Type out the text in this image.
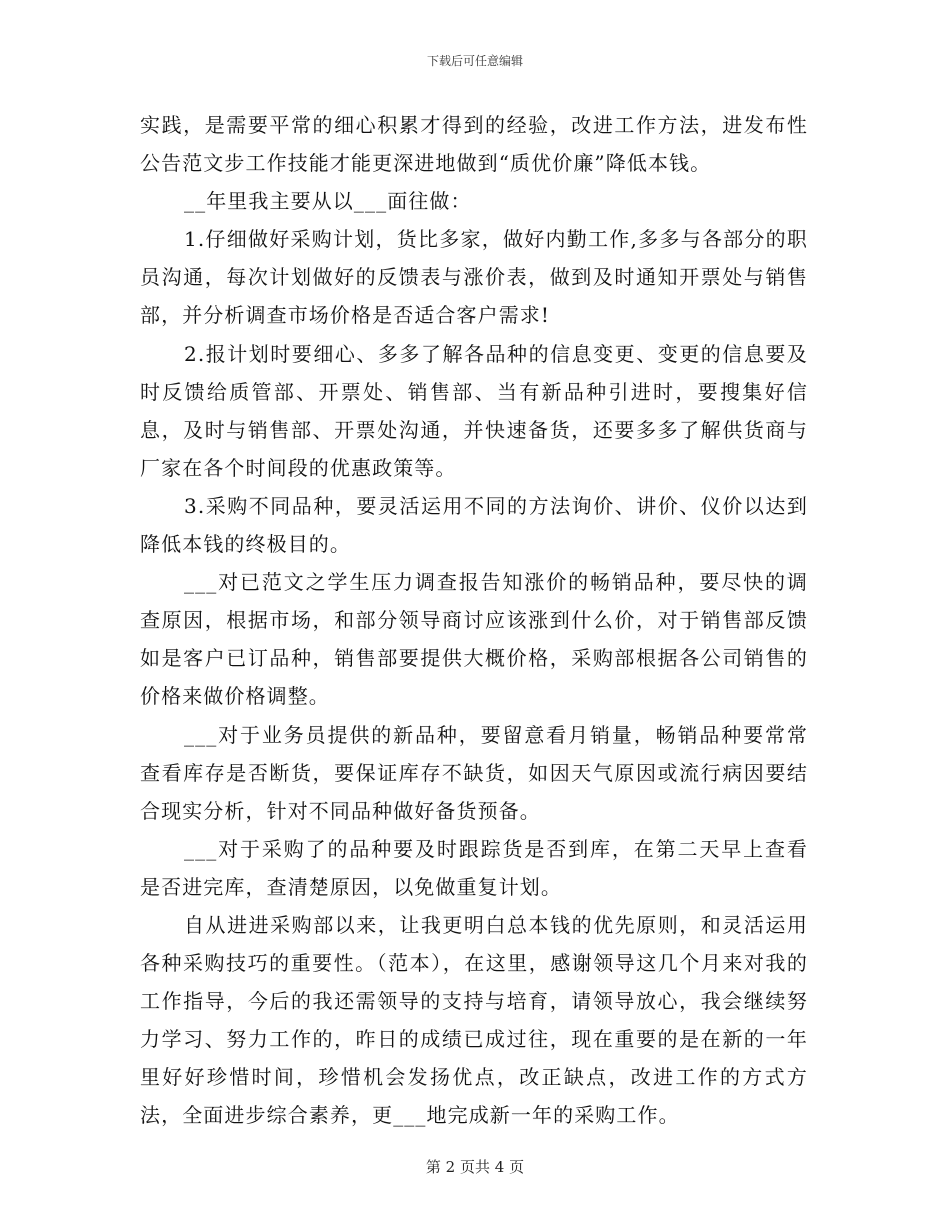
下载后可任意编辑

实践，是需要平常的细心积累才得到的经验，改进工作方法，进发布性公告范文步工作技能才能更深进地做到“质优价廉”降低本钱。

__年里我主要从以___面往做：

1.仔细做好采购计划，货比多家，做好内勤工作,多多与各部分的职员沟通，每次计划做好的反馈表与涨价表，做到及时通知开票处与销售部，并分析调查市场价格是否适合客户需求!

2.报计划时要细心、多多了解各品种的信息变更、变更的信息要及时反馈给质管部、开票处、销售部、当有新品种引进时，要搜集好信息，及时与销售部、开票处沟通，并快速备货，还要多多了解供货商与厂家在各个时间段的优惠政策等。

3.采购不同品种，要灵活运用不同的方法询价、讲价、仪价以达到降低本钱的终极目的。

___对已范文之学生压力调查报告知涨价的畅销品种，要尽快的调查原因，根据市场，和部分领导商讨应该涨到什么价，对于销售部反馈如是客户已订品种，销售部要提供大概价格，采购部根据各公司销售的价格来做价格调整。

___对于业务员提供的新品种，要留意看月销量，畅销品种要常常查看库存是否断货，要保证库存不缺货，如因天气原因或流行病因要结合现实分析，针对不同品种做好备货预备。

___对于采购了的品种要及时跟踪货是否到库，在第二天早上查看是否进完库，查清楚原因，以免做重复计划。

自从进进采购部以来，让我更明白总本钱的优先原则，和灵活运用各种采购技巧的重要性。（范本），在这里，感谢领导这几个月来对我的工作指导，今后的我还需领导的支持与培育，请领导放心，我会继续努力学习、努力工作的，昨日的成绩已成过往，现在重要的是在新的一年里好好珍惜时间，珍惜机会发扬优点，改正缺点，改进工作的方式方法，全面进步综合素养，更___地完成新一年的采购工作。

第 2 页共 4 页
